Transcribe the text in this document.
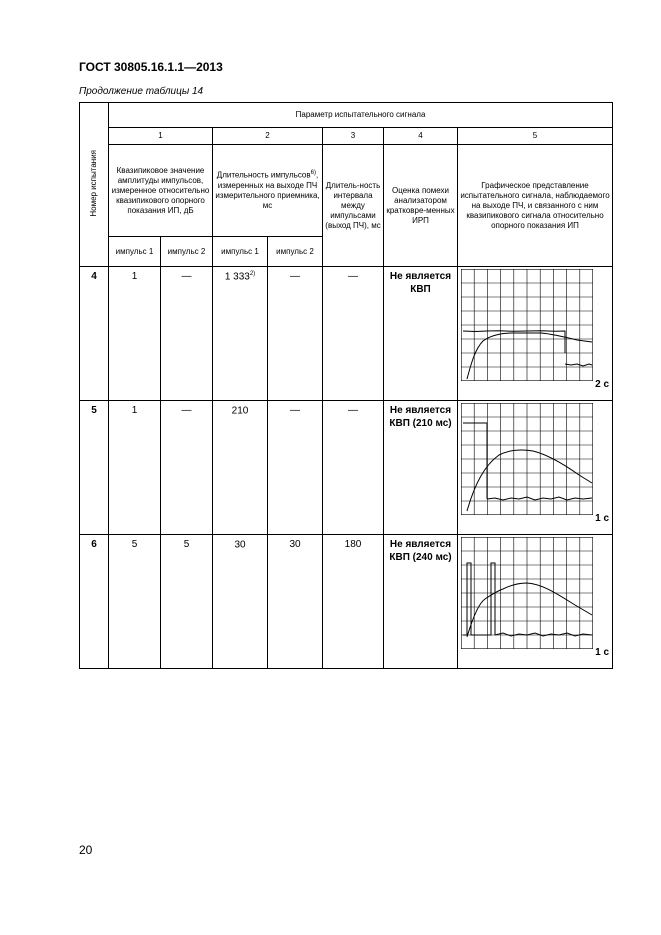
ГОСТ 30805.16.1.1—2013
Продолжение таблицы 14
Номер испытания	Параметр испытательного сигнала						
	1		2		3	4	5
	Квазипиковое значение амплитуды импульсов, измеренное относительно квазипикового опорного показания ИП, дБ		Длительность импульсов$^{6)}$, измеренных на выходе ПЧ измерительного приемника, мс		Длитель-ность интервала между импульсами (выход ПЧ), мс	Оценка помехи анализатором кратковре-менных ИРП	Графическое представление испытательного сигнала, наблюдаемого на выходе ПЧ, и связанного с ним квазипикового сигнала относительно опорного показания ИП
	импульс 1	импульс 2	импульс 1	импульс 2			
4	1	—	1 333$^{2)}$	—	—	Не является КВП	2 с

5	1	—	210	—	—	Не является КВП (210 мс)	1 с

6	5	5	30	30	180	Не является КВП (240 мс)	1 с
20
